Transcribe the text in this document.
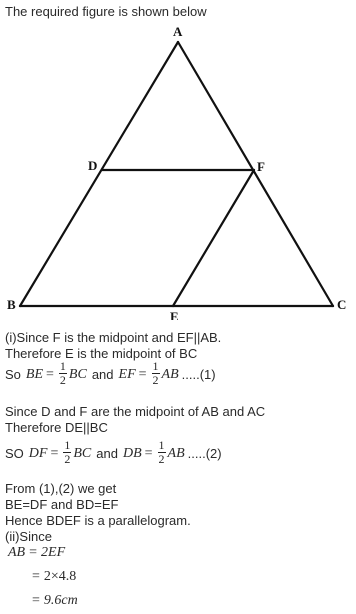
The required figure is shown below
A
B	C
D
E
F
(i)Since F is the midpoint and EF||AB.
Therefore E is the midpoint of BC
So BE = $\frac{1}{2}$ BC and EF = $\frac{1}{2}$ AB .....(1)
Since D and F are the midpoint of AB and AC
Therefore DE||BC
SO DF = $\frac{1}{2}$ BC and DB = $\frac{1}{2}$ AB .....(2)
From (1),(2) we get
BE=DF and BD=EF
Hence BDEF is a parallelogram.
(ii)Since
AB = 2EF
= 2×4.8
= 9.6cm
